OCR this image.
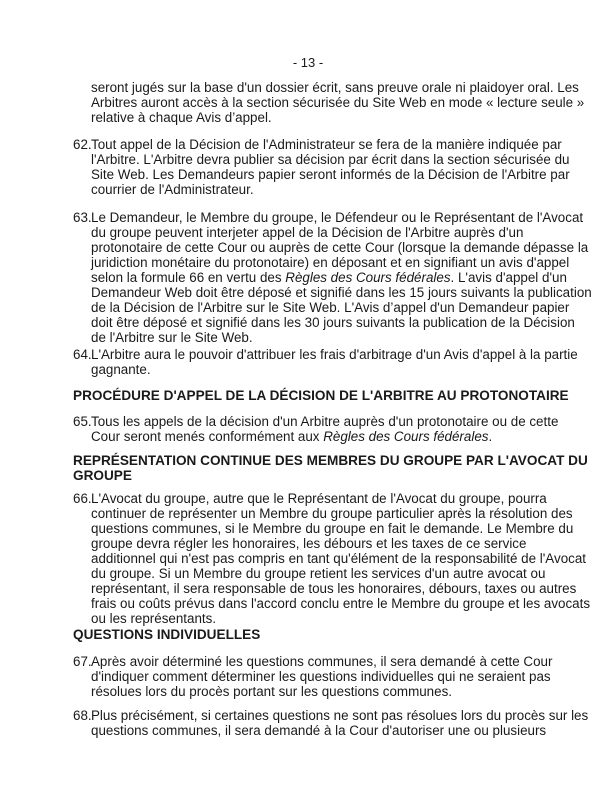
- 13 -
seront jugés sur la base d'un dossier écrit, sans preuve orale ni plaidoyer oral. Les
Arbitres auront accès à la section sécurisée du Site Web en mode « lecture seule »
relative à chaque Avis d’appel.
62. Tout appel de la Décision de l'Administrateur se fera de la manière indiquée par
l'Arbitre. L'Arbitre devra publier sa décision par écrit dans la section sécurisée du
Site Web. Les Demandeurs papier seront informés de la Décision de l'Arbitre par
courrier de l'Administrateur.
63. Le Demandeur, le Membre du groupe, le Défendeur ou le Représentant de l'Avocat
du groupe peuvent interjeter appel de la Décision de l'Arbitre auprès d'un
protonotaire de cette Cour ou auprès de cette Cour (lorsque la demande dépasse la
juridiction monétaire du protonotaire) en déposant et en signifiant un avis d'appel
selon la formule 66 en vertu des Règles des Cours fédérales. L'avis d'appel d'un
Demandeur Web doit être déposé et signifié dans les 15 jours suivants la publication
de la Décision de l'Arbitre sur le Site Web. L'Avis d’appel d'un Demandeur papier
doit être déposé et signifié dans les 30 jours suivants la publication de la Décision
de l'Arbitre sur le Site Web.
64. L'Arbitre aura le pouvoir d'attribuer les frais d'arbitrage d'un Avis d'appel à la partie
gagnante.
PROCÉDURE D'APPEL DE LA DÉCISION DE L'ARBITRE AU PROTONOTAIRE
65. Tous les appels de la décision d'un Arbitre auprès d'un protonotaire ou de cette
Cour seront menés conformément aux Règles des Cours fédérales.
REPRÉSENTATION CONTINUE DES MEMBRES DU GROUPE PAR L'AVOCAT DU
GROUPE
66. L'Avocat du groupe, autre que le Représentant de l'Avocat du groupe, pourra
continuer de représenter un Membre du groupe particulier après la résolution des
questions communes, si le Membre du groupe en fait le demande. Le Membre du
groupe devra régler les honoraires, les débours et les taxes de ce service
additionnel qui n'est pas compris en tant qu'élément de la responsabilité de l'Avocat
du groupe. Si un Membre du groupe retient les services d'un autre avocat ou
représentant, il sera responsable de tous les honoraires, débours, taxes ou autres
frais ou coûts prévus dans l'accord conclu entre le Membre du groupe et les avocats
ou les représentants.
QUESTIONS INDIVIDUELLES
67. Après avoir déterminé les questions communes, il sera demandé à cette Cour
d'indiquer comment déterminer les questions individuelles qui ne seraient pas
résolues lors du procès portant sur les questions communes.
68. Plus précisément, si certaines questions ne sont pas résolues lors du procès sur les
questions communes, il sera demandé à la Cour d'autoriser une ou plusieurs
